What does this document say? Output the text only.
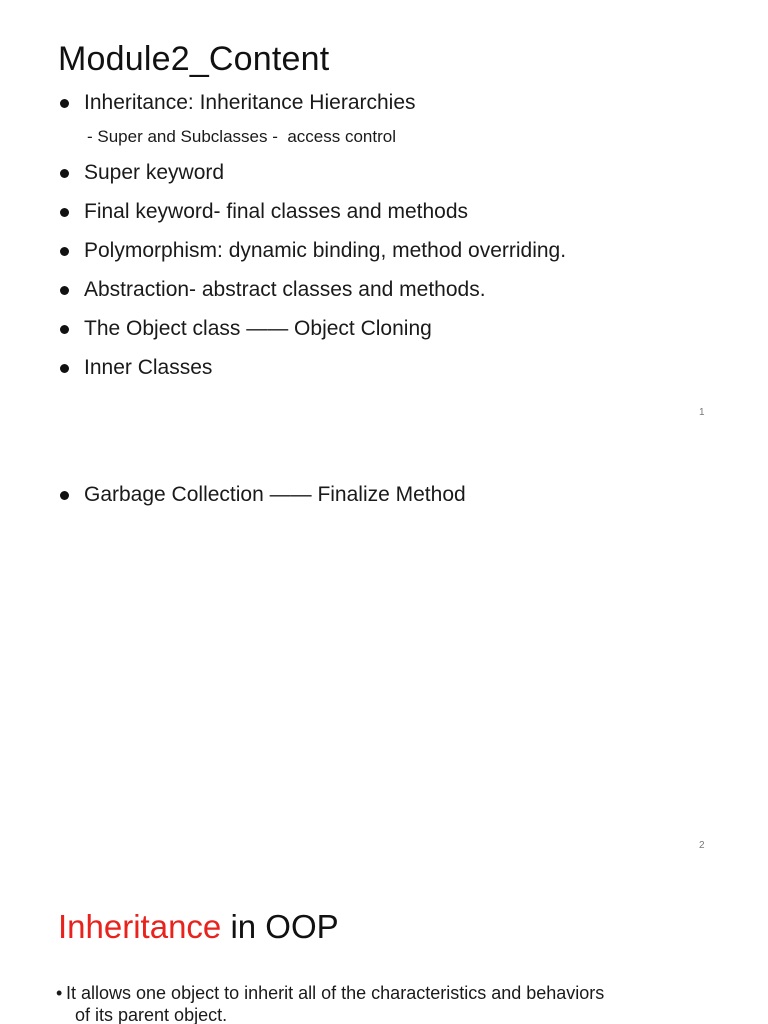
Module2_Content
Inheritance: Inheritance Hierarchies
- Super and Subclasses -  access control
Super keyword
Final keyword- final classes and methods
Polymorphism: dynamic binding, method overriding.
Abstraction- abstract classes and methods.
The Object class —— Object Cloning
Inner Classes
1
Garbage Collection —— Finalize Method
2
Inheritance in OOP
• It allows one object to inherit all of the characteristics and behaviors
of its parent object.
